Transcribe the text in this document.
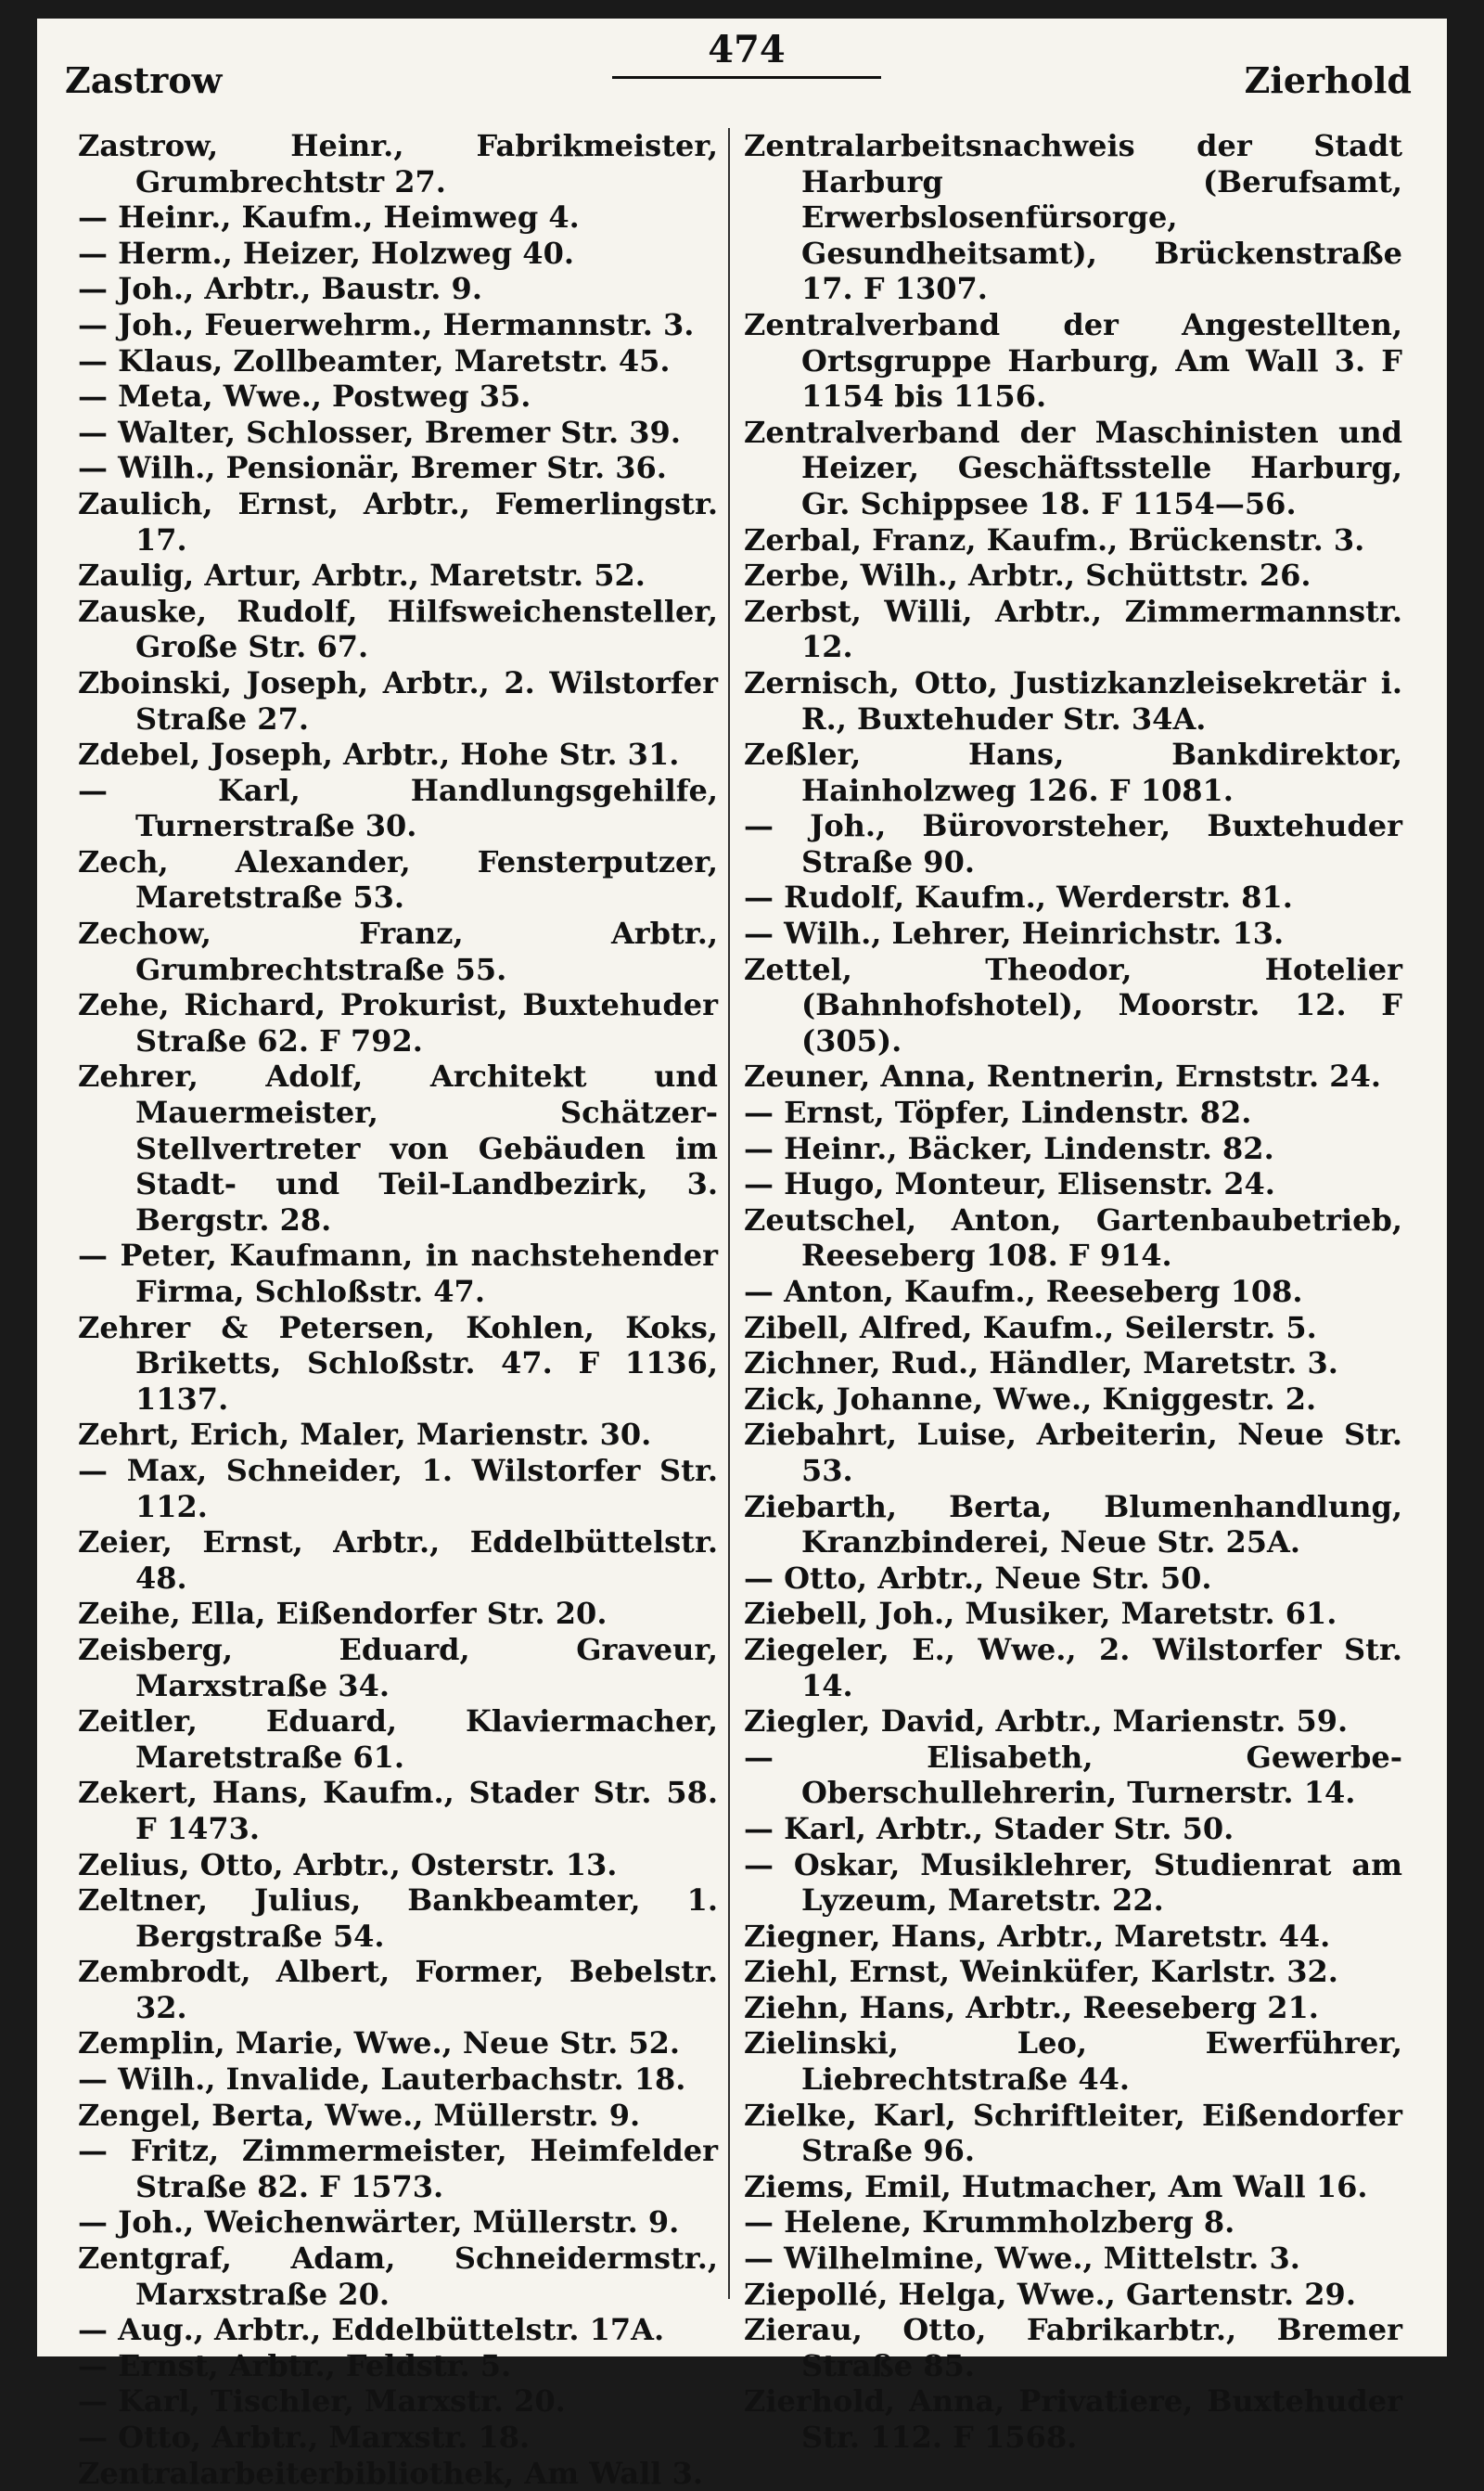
Zastrow
474
Zierhold

Zastrow, Heinr., Fabrikmeister, Grumbrechtstr 27.

— Heinr., Kaufm., Heimweg 4.

— Herm., Heizer, Holzweg 40.

— Joh., Arbtr., Baustr. 9.

— Joh., Feuerwehrm., Hermannstr. 3.

— Klaus, Zollbeamter, Maretstr. 45.

— Meta, Wwe., Postweg 35.

— Walter, Schlosser, Bremer Str. 39.

— Wilh., Pensionär, Bremer Str. 36.

Zaulich, Ernst, Arbtr., Femerlingstr. 17.

Zaulig, Artur, Arbtr., Maretstr. 52.

Zauske, Rudolf, Hilfsweichensteller, Große Str. 67.

Zboinski, Joseph, Arbtr., 2. Wilstorfer Straße 27.

Zdebel, Joseph, Arbtr., Hohe Str. 31.

— Karl, Handlungsgehilfe, Turnerstraße 30.

Zech, Alexander, Fensterputzer, Maretstraße 53.

Zechow, Franz, Arbtr., Grumbrechtstraße 55.

Zehe, Richard, Prokurist, Buxtehuder Straße 62. F 792.

Zehrer, Adolf, Architekt und Mauermeister, Schätzer-Stellvertreter von Gebäuden im Stadt- und Teil-Landbezirk, 3. Bergstr. 28.

— Peter, Kaufmann, in nachstehender Firma, Schloßstr. 47.

Zehrer & Petersen, Kohlen, Koks, Briketts, Schloßstr. 47. F 1136, 1137.

Zehrt, Erich, Maler, Marienstr. 30.

— Max, Schneider, 1. Wilstorfer Str. 112.

Zeier, Ernst, Arbtr., Eddelbüttelstr. 48.

Zeihe, Ella, Eißendorfer Str. 20.

Zeisberg, Eduard, Graveur, Marxstraße 34.

Zeitler, Eduard, Klaviermacher, Maretstraße 61.

Zekert, Hans, Kaufm., Stader Str. 58. F 1473.

Zelius, Otto, Arbtr., Osterstr. 13.

Zeltner, Julius, Bankbeamter, 1. Bergstraße 54.

Zembrodt, Albert, Former, Bebelstr. 32.

Zemplin, Marie, Wwe., Neue Str. 52.

— Wilh., Invalide, Lauterbachstr. 18.

Zengel, Berta, Wwe., Müllerstr. 9.

— Fritz, Zimmermeister, Heimfelder Straße 82. F 1573.

— Joh., Weichenwärter, Müllerstr. 9.

Zentgraf, Adam, Schneidermstr., Marxstraße 20.

— Aug., Arbtr., Eddelbüttelstr. 17A.

— Ernst, Arbtr., Feldstr. 5.

— Karl, Tischler, Marxstr. 20.

— Otto, Arbtr., Marxstr. 18.

Zentralarbeiterbibliothek, Am Wall 3.

Zentralarbeitsnachweis der Stadt Harburg (Berufsamt, Erwerbslosenfürsorge, Gesundheitsamt), Brückenstraße 17. F 1307.

Zentralverband der Angestellten, Ortsgruppe Harburg, Am Wall 3. F 1154 bis 1156.

Zentralverband der Maschinisten und Heizer, Geschäftsstelle Harburg, Gr. Schippsee 18. F 1154—56.

Zerbal, Franz, Kaufm., Brückenstr. 3.

Zerbe, Wilh., Arbtr., Schüttstr. 26.

Zerbst, Willi, Arbtr., Zimmermannstr. 12.

Zernisch, Otto, Justizkanzleisekretär i. R., Buxtehuder Str. 34A.

Zeßler, Hans, Bankdirektor, Hainholzweg 126. F 1081.

— Joh., Bürovorsteher, Buxtehuder Straße 90.

— Rudolf, Kaufm., Werderstr. 81.

— Wilh., Lehrer, Heinrichstr. 13.

Zettel, Theodor, Hotelier (Bahnhofshotel), Moorstr. 12. F (305).

Zeuner, Anna, Rentnerin, Ernststr. 24.

— Ernst, Töpfer, Lindenstr. 82.

— Heinr., Bäcker, Lindenstr. 82.

— Hugo, Monteur, Elisenstr. 24.

Zeutschel, Anton, Gartenbaubetrieb, Reeseberg 108. F 914.

— Anton, Kaufm., Reeseberg 108.

Zibell, Alfred, Kaufm., Seilerstr. 5.

Zichner, Rud., Händler, Maretstr. 3.

Zick, Johanne, Wwe., Kniggestr. 2.

Ziebahrt, Luise, Arbeiterin, Neue Str. 53.

Ziebarth, Berta, Blumenhandlung, Kranzbinderei, Neue Str. 25A.

— Otto, Arbtr., Neue Str. 50.

Ziebell, Joh., Musiker, Maretstr. 61.

Ziegeler, E., Wwe., 2. Wilstorfer Str. 14.

Ziegler, David, Arbtr., Marienstr. 59.

— Elisabeth, Gewerbe-Oberschullehrerin, Turnerstr. 14.

— Karl, Arbtr., Stader Str. 50.

— Oskar, Musiklehrer, Studienrat am Lyzeum, Maretstr. 22.

Ziegner, Hans, Arbtr., Maretstr. 44.

Ziehl, Ernst, Weinküfer, Karlstr. 32.

Ziehn, Hans, Arbtr., Reeseberg 21.

Zielinski, Leo, Ewerführer, Liebrechtstraße 44.

Zielke, Karl, Schriftleiter, Eißendorfer Straße 96.

Ziems, Emil, Hutmacher, Am Wall 16.

— Helene, Krummholzberg 8.

— Wilhelmine, Wwe., Mittelstr. 3.

Ziepollé, Helga, Wwe., Gartenstr. 29.

Zierau, Otto, Fabrikarbtr., Bremer Straße 85.

Zierhold, Anna, Privatiere, Buxtehuder Str. 112. F 1568.
